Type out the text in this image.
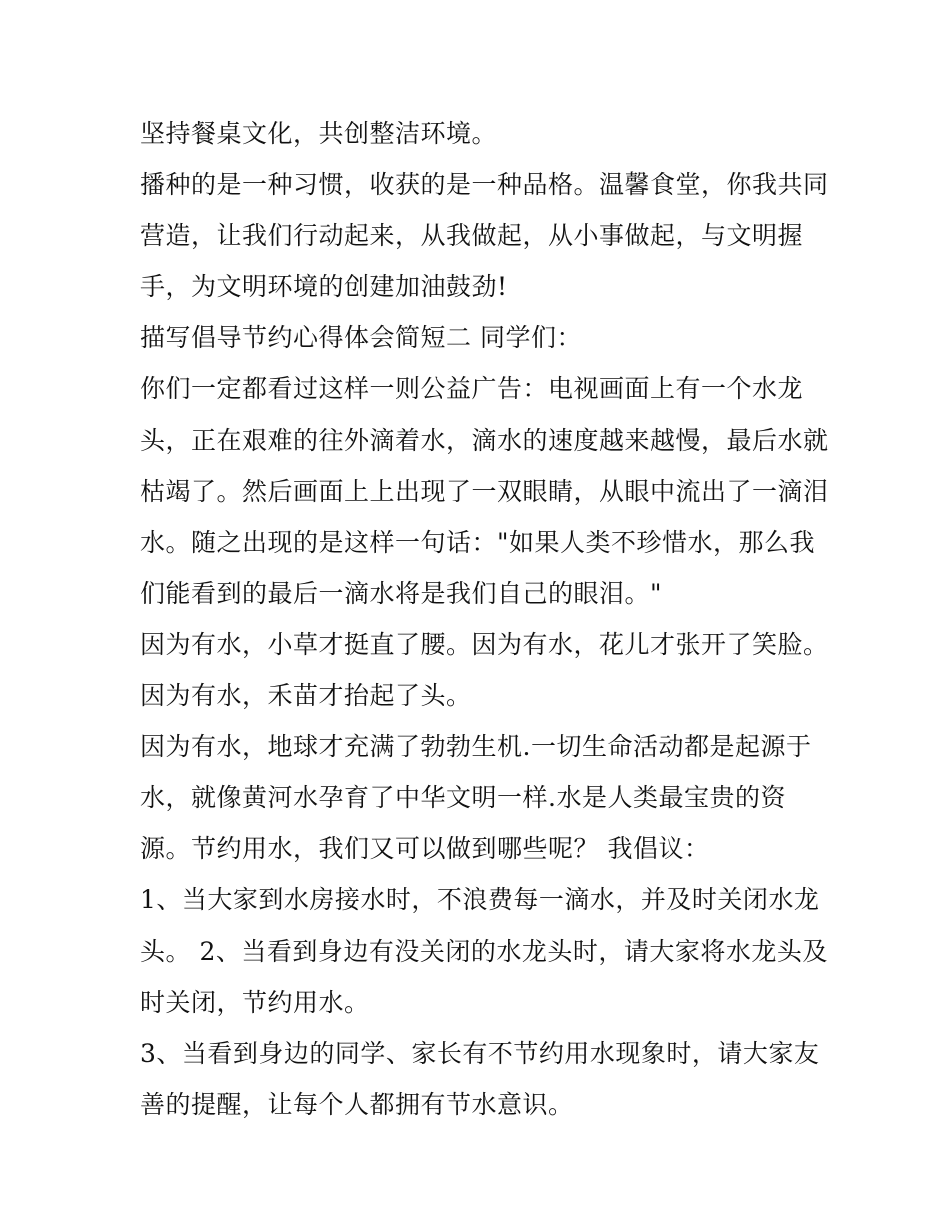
坚持餐桌文化，共创整洁环境。
播种的是一种习惯，收获的是一种品格。温馨食堂，你我共同
营造，让我们行动起来，从我做起，从小事做起，与文明握
手，为文明环境的创建加油鼓劲!
描写倡导节约心得体会简短二 同学们：
你们一定都看过这样一则公益广告：电视画面上有一个水龙
头，正在艰难的往外滴着水，滴水的速度越来越慢，最后水就
枯竭了。然后画面上上出现了一双眼睛，从眼中流出了一滴泪
水。随之出现的是这样一句话："如果人类不珍惜水，那么我
们能看到的最后一滴水将是我们自己的眼泪。"
因为有水，小草才挺直了腰。因为有水，花儿才张开了笑脸。
因为有水，禾苗才抬起了头。
因为有水，地球才充满了勃勃生机.一切生命活动都是起源于
水，就像黄河水孕育了中华文明一样.水是人类最宝贵的资
源。节约用水，我们又可以做到哪些呢？ 我倡议：
1、当大家到水房接水时，不浪费每一滴水，并及时关闭水龙
头。 2、当看到身边有没关闭的水龙头时，请大家将水龙头及
时关闭，节约用水。
3、当看到身边的同学、家长有不节约用水现象时，请大家友
善的提醒，让每个人都拥有节水意识。
